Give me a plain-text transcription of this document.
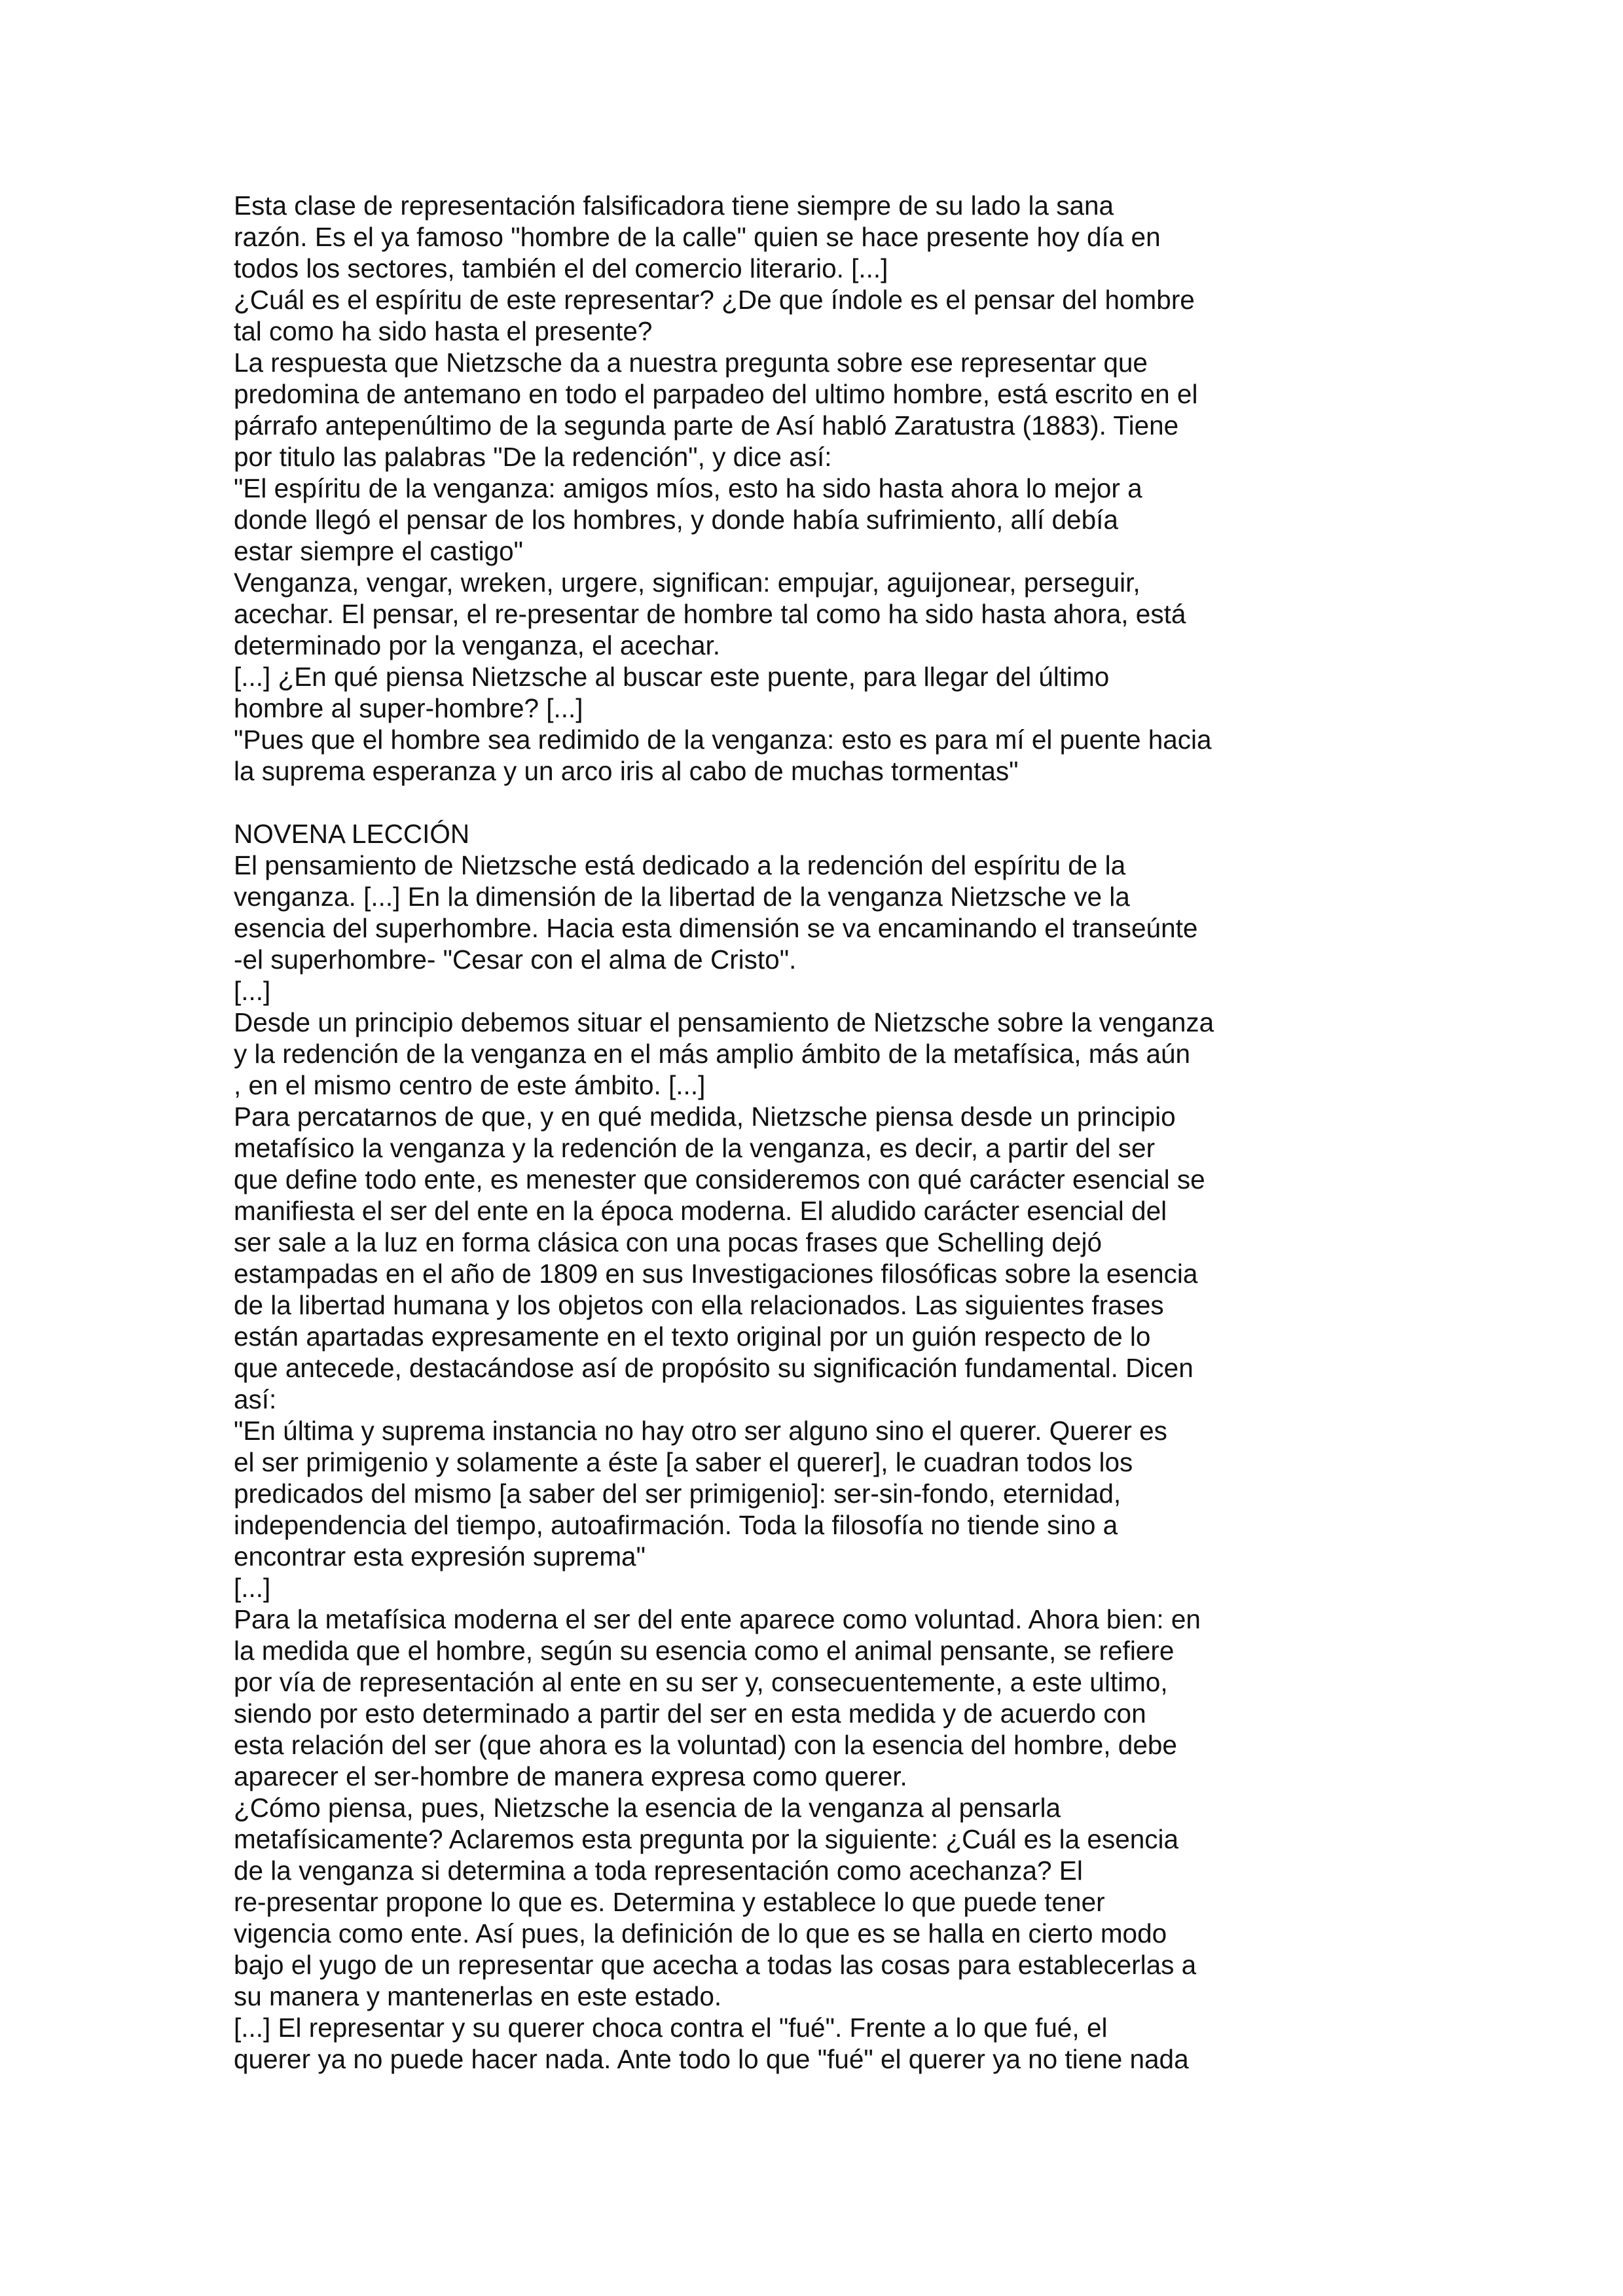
Esta clase de representación falsificadora tiene siempre de su lado la sana
razón. Es el ya famoso "hombre de la calle" quien se hace presente hoy día en
todos los sectores, también el del comercio literario. [...]
¿Cuál es el espíritu de este representar? ¿De que índole es el pensar del hombre
tal como ha sido hasta el presente?
La respuesta que Nietzsche da a nuestra pregunta sobre ese representar que
predomina de antemano en todo el parpadeo del ultimo hombre, está escrito en el
párrafo antepenúltimo de la segunda parte de Así habló Zaratustra (1883). Tiene
por titulo las palabras "De la redención", y dice así:
"El espíritu de la venganza: amigos míos, esto ha sido hasta ahora lo mejor a
donde llegó el pensar de los hombres, y donde había sufrimiento, allí debía
estar siempre el castigo"
Venganza, vengar, wreken, urgere, significan: empujar, aguijonear, perseguir,
acechar. El pensar, el re-presentar de hombre tal como ha sido hasta ahora, está
determinado por la venganza, el acechar.
[...] ¿En qué piensa Nietzsche al buscar este puente, para llegar del último
hombre al super-hombre? [...]
"Pues que el hombre sea redimido de la venganza: esto es para mí el puente hacia
la suprema esperanza y un arco iris al cabo de muchas tormentas"
NOVENA LECCIÓN
El pensamiento de Nietzsche está dedicado a la redención del espíritu de la
venganza. [...] En la dimensión de la libertad de la venganza Nietzsche ve la
esencia del superhombre. Hacia esta dimensión se va encaminando el transeúnte
-el superhombre- "Cesar con el alma de Cristo".
[...]
Desde un principio debemos situar el pensamiento de Nietzsche sobre la venganza
y la redención de la venganza en el más amplio ámbito de la metafísica, más aún
, en el mismo centro de este ámbito. [...]
Para percatarnos de que, y en qué medida, Nietzsche piensa desde un principio
metafísico la venganza y la redención de la venganza, es decir, a partir del ser
que define todo ente, es menester que consideremos con qué carácter esencial se
manifiesta el ser del ente en la época moderna. El aludido carácter esencial del
ser sale a la luz en forma clásica con una pocas frases que Schelling dejó
estampadas en el año de 1809 en sus Investigaciones filosóficas sobre la esencia
de la libertad humana y los objetos con ella relacionados. Las siguientes frases
están apartadas expresamente en el texto original por un guión respecto de lo
que antecede, destacándose así de propósito su significación fundamental. Dicen
así:
"En última y suprema instancia no hay otro ser alguno sino el querer. Querer es
el ser primigenio y solamente a éste [a saber el querer], le cuadran todos los
predicados del mismo [a saber del ser primigenio]: ser-sin-fondo, eternidad,
independencia del tiempo, autoafirmación. Toda la filosofía no tiende sino a
encontrar esta expresión suprema"
[...]
Para la metafísica moderna el ser del ente aparece como voluntad. Ahora bien: en
la medida que el hombre, según su esencia como el animal pensante, se refiere
por vía de representación al ente en su ser y, consecuentemente, a este ultimo,
siendo por esto determinado a partir del ser en esta medida y de acuerdo con
esta relación del ser (que ahora es la voluntad) con la esencia del hombre, debe
aparecer el ser-hombre de manera expresa como querer.
¿Cómo piensa, pues, Nietzsche la esencia de la venganza al pensarla
metafísicamente? Aclaremos esta pregunta por la siguiente: ¿Cuál es la esencia
de la venganza si determina a toda representación como acechanza? El
re-presentar propone lo que es. Determina y establece lo que puede tener
vigencia como ente. Así pues, la definición de lo que es se halla en cierto modo
bajo el yugo de un representar que acecha a todas las cosas para establecerlas a
su manera y mantenerlas en este estado.
[...] El representar y su querer choca contra el "fué". Frente a lo que fué, el
querer ya no puede hacer nada. Ante todo lo que "fué" el querer ya no tiene nada
